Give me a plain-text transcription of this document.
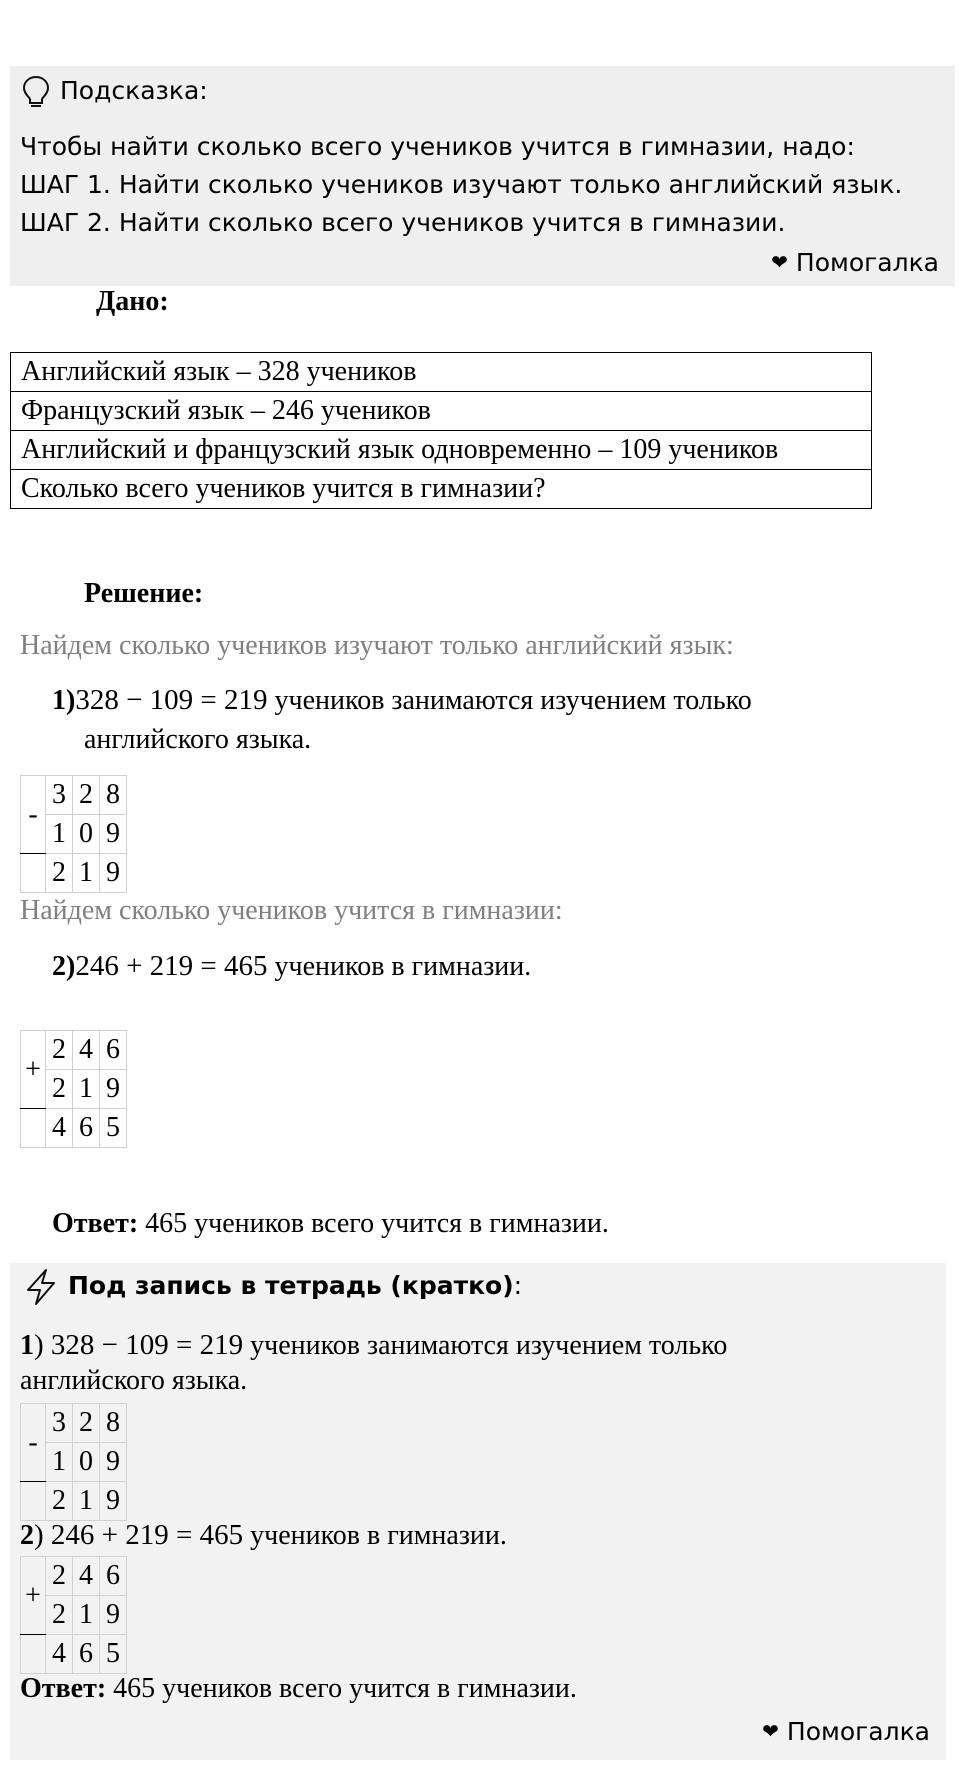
Подсказка:
Чтобы найти сколько всего учеников учится в гимназии, надо:
ШАГ 1. Найти сколько учеников изучают только английский язык.
ШАГ 2. Найти сколько всего учеников учится в гимназии.
❤ Помогалка
Дано:
Английский язык – 328 учеников
Французский язык – 246 учеников
Английский и французский язык одновременно – 109 учеников
Сколько всего учеников учится в гимназии?
Решение:
Найдем сколько учеников изучают только английский язык:
1)328 − 109 = 219 учеников занимаются изучением только
английского языка.
-	3	2	8
	1	0	9
	2	1	9
Найдем сколько учеников учится в гимназии:
2)246 + 219 = 465 учеников в гимназии.
+	2	4	6
	2	1	9
	4	6	5
Ответ: 465 учеников всего учится в гимназии.
Под запись в тетрадь (кратко):
1) 328 − 109 = 219 учеников занимаются изучением только
английского языка.
-	3	2	8
	1	0	9
	2	1	9
2) 246 + 219 = 465 учеников в гимназии.
+	2	4	6
	2	1	9
	4	6	5
Ответ: 465 учеников всего учится в гимназии.
❤ Помогалка
